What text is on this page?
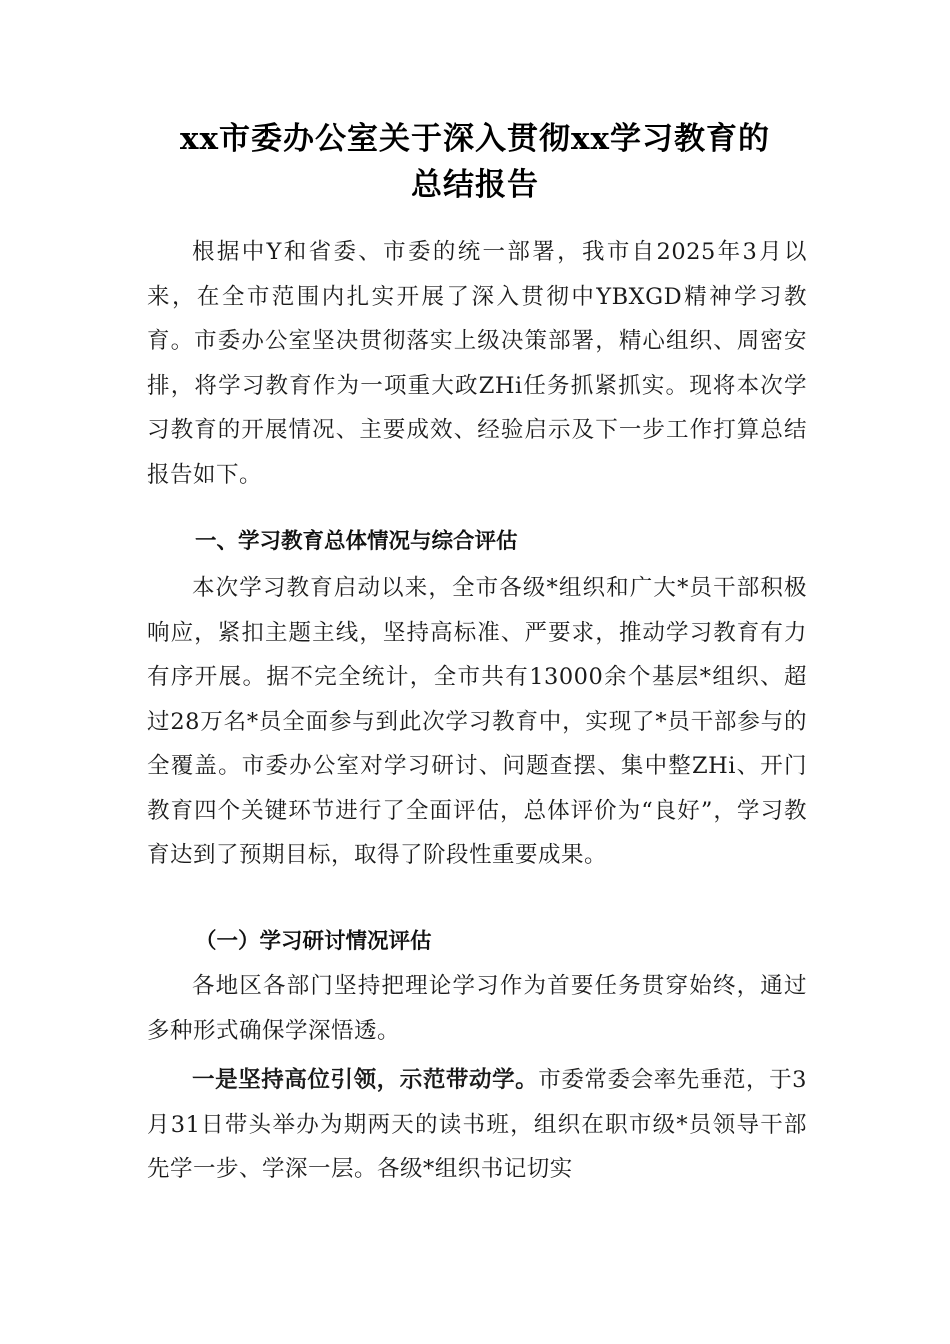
xx市委办公室关于深入贯彻xx学习教育的
总结报告

根据中Y和省委、市委的统一部署，我市自2025年3月以来，在全市范围内扎实开展了深入贯彻中YBXGD精神学习教育。市委办公室坚决贯彻落实上级决策部署，精心组织、周密安排，将学习教育作为一项重大政ZHi任务抓紧抓实。现将本次学习教育的开展情况、主要成效、经验启示及下一步工作打算总结报告如下。

一、学习教育总体情况与综合评估

本次学习教育启动以来，全市各级*组织和广大*员干部积极响应，紧扣主题主线，坚持高标准、严要求，推动学习教育有力有序开展。据不完全统计，全市共有13000余个基层*组织、超过28万名*员全面参与到此次学习教育中，实现了*员干部参与的全覆盖。市委办公室对学习研讨、问题查摆、集中整ZHi、开门教育四个关键环节进行了全面评估，总体评价为“良好”，学习教育达到了预期目标，取得了阶段性重要成果。

（一）学习研讨情况评估

各地区各部门坚持把理论学习作为首要任务贯穿始终，通过多种形式确保学深悟透。

一是坚持高位引领，示范带动学。市委常委会率先垂范，于3月31日带头举办为期两天的读书班，组织在职市级*员领导干部先学一步、学深一层。各级*组织书记切实
